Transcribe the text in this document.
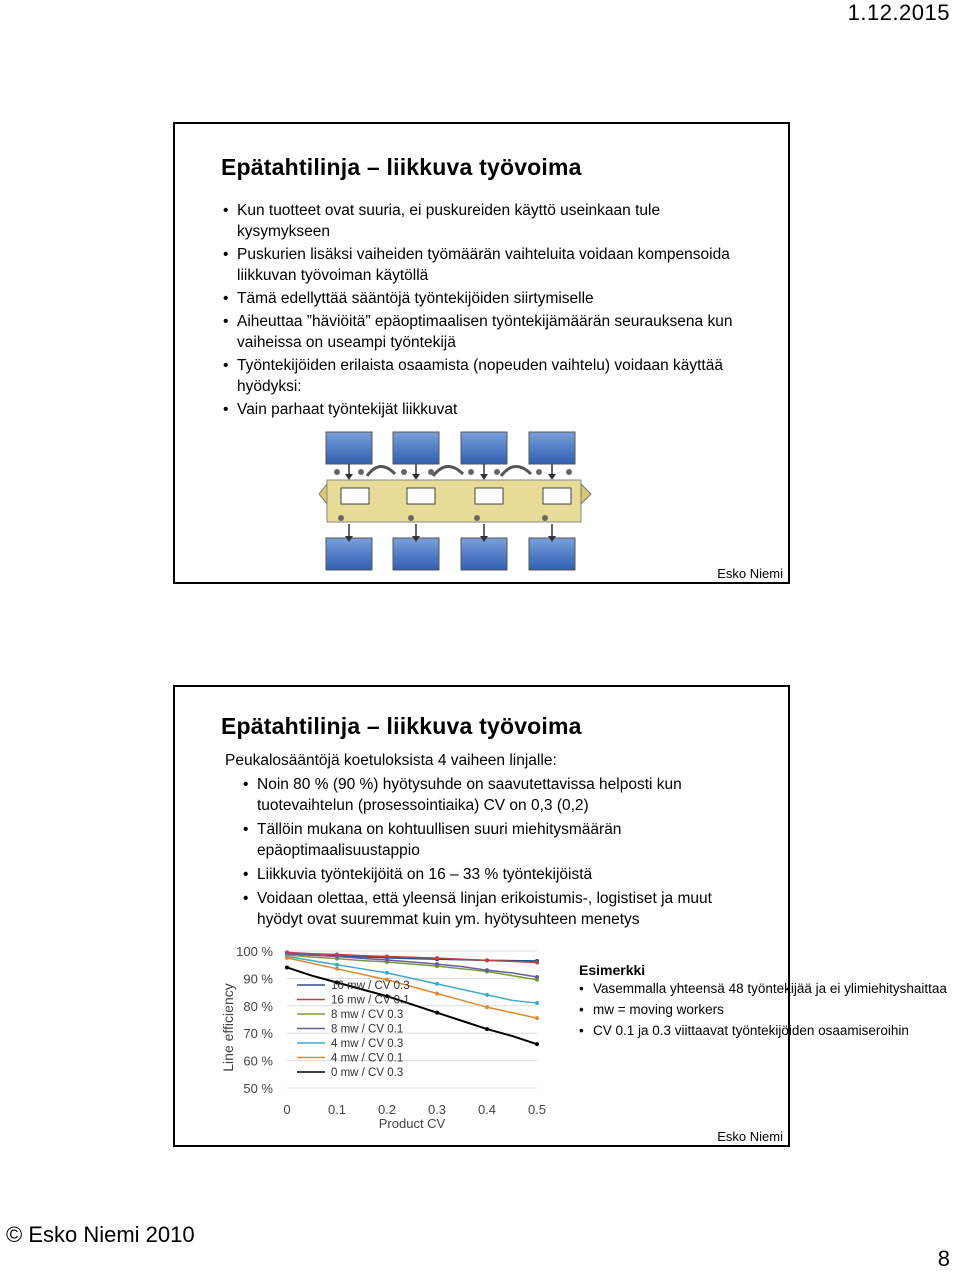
1.12.2015
Epätahtilinja – liikkuva työvoima
• Kun tuotteet ovat suuria, ei puskureiden käyttö useinkaan tule kysymykseen
• Puskurien lisäksi vaiheiden työmäärän vaihteluita voidaan kompensoida liikkuvan työvoiman käytöllä
• Tämä edellyttää sääntöjä työntekijöiden siirtymiselle
• Aiheuttaa ”häviöitä” epäoptimaalisen työntekijämäärän seurauksena kun vaiheissa on useampi työntekijä
• Työntekijöiden erilaista osaamista (nopeuden vaihtelu) voidaan käyttää hyödyksi:
• Vain parhaat työntekijät liikkuvat
Esko Niemi
Epätahtilinja – liikkuva työvoima
Peukalosääntöjä koetuloksista 4 vaiheen linjalle:
• Noin 80 % (90 %) hyötysuhde on saavutettavissa helposti kun tuotevaihtelun (prosessointiaika) CV on 0,3 (0,2)
• Tällöin mukana on kohtuullisen suuri miehitysmäärän epäoptimaalisuustappio
• Liikkuvia työntekijöitä on 16 – 33 % työntekijöistä
• Voidaan olettaa, että yleensä linjan erikoistumis-, logistiset ja muut hyödyt ovat suuremmat kuin ym. hyötysuhteen menetys
50 %
60 %
70 %
80 %
90 %
100 %
0	0.1 0.2 0.3 0.4 0.5
16 mw / CV 0.3
16 mw / CV 0.1
8 mw / CV 0.3
8 mw / CV 0.1
4 mw / CV 0.3
4 mw / CV 0.1
0 mw / CV 0.3
Product CV
Line efficiency
Esimerkki
• Vasemmalla yhteensä 48 työntekijää ja ei ylimiehityshaittaa
• mw = moving workers
• CV 0.1 ja 0.3 viittaavat työntekijöiden osaamiseroihin
Esko Niemi
© Esko Niemi 2010
8
